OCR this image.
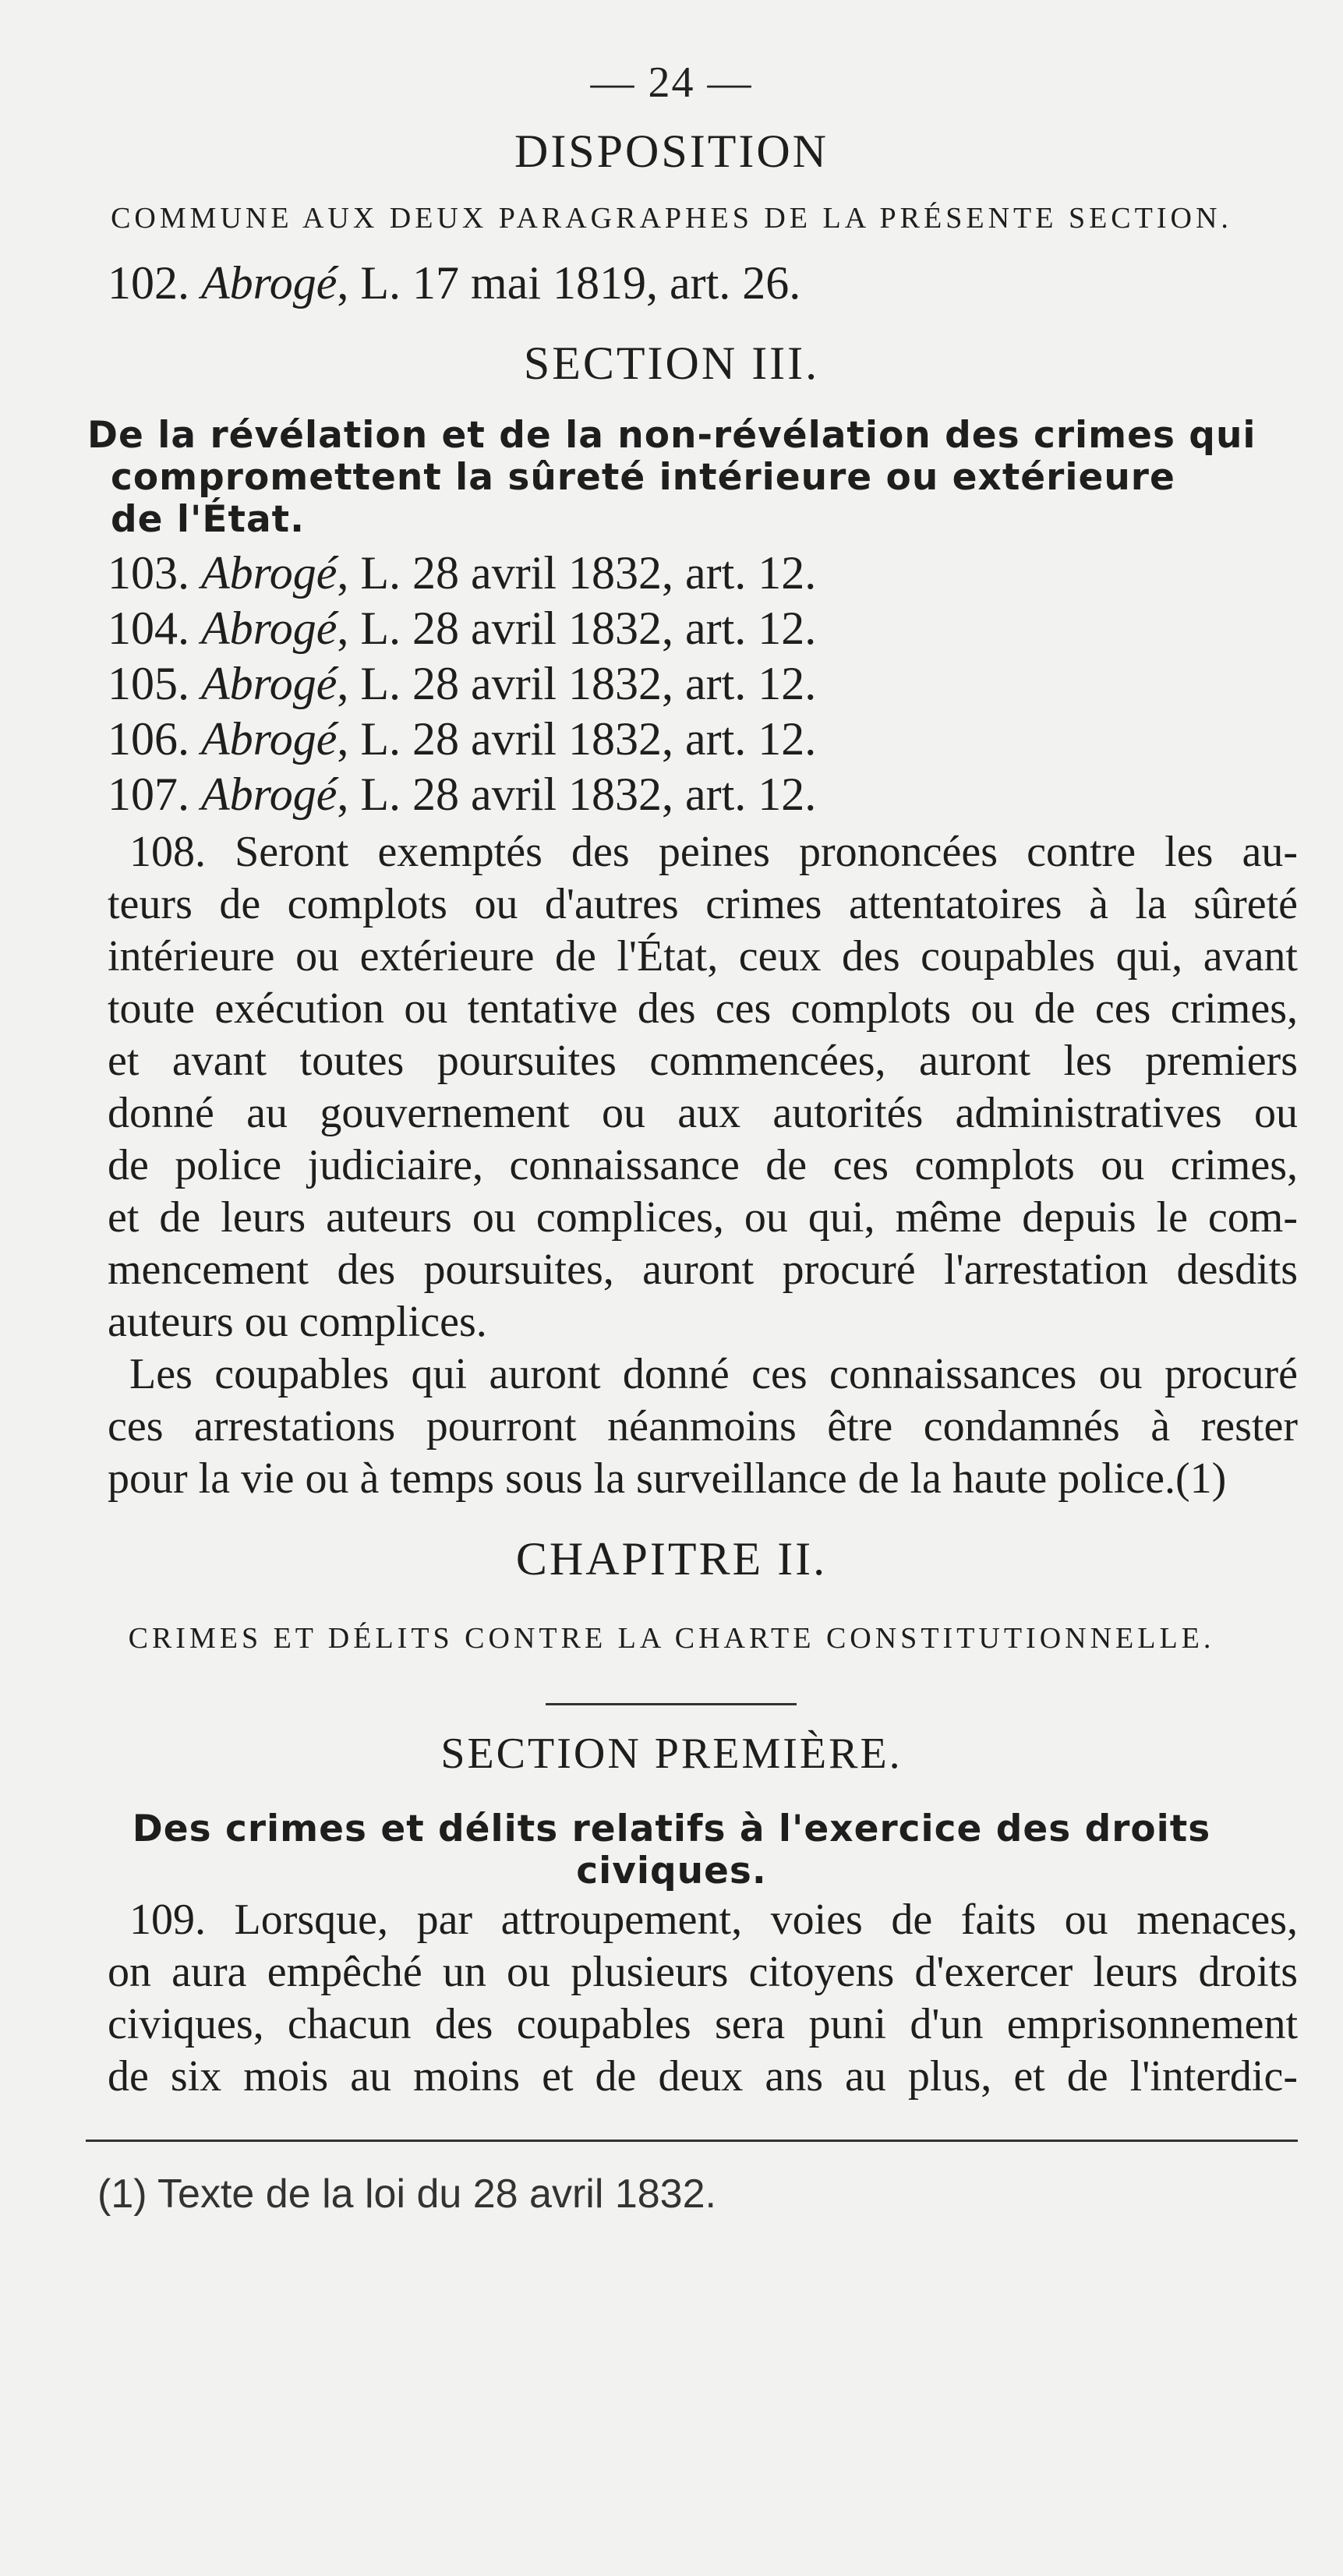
— 24 —
DISPOSITION
COMMUNE AUX DEUX PARAGRAPHES DE LA PRÉSENTE SECTION.
102. Abrogé, L. 17 mai 1819, art. 26.
SECTION III.
De la révélation et de la non-révélation des crimes qui
compromettent la sûreté intérieure ou extérieure
de l'État.
103. Abrogé, L. 28 avril 1832, art. 12.
104. Abrogé, L. 28 avril 1832, art. 12.
105. Abrogé, L. 28 avril 1832, art. 12.
106. Abrogé, L. 28 avril 1832, art. 12.
107. Abrogé, L. 28 avril 1832, art. 12.
108. Seront exemptés des peines prononcées contre les au-
teurs de complots ou d'autres crimes attentatoires à la sûreté
intérieure ou extérieure de l'État, ceux des coupables qui, avant
toute exécution ou tentative des ces complots ou de ces crimes,
et avant toutes poursuites commencées, auront les premiers
donné au gouvernement ou aux autorités administratives ou
de police judiciaire, connaissance de ces complots ou crimes,
et de leurs auteurs ou complices, ou qui, même depuis le com-
mencement des poursuites, auront procuré l'arrestation desdits
auteurs ou complices.
Les coupables qui auront donné ces connaissances ou procuré
ces arrestations pourront néanmoins être condamnés à rester
pour la vie ou à temps sous la surveillance de la haute police.(1)
CHAPITRE II.
CRIMES ET DÉLITS CONTRE LA CHARTE CONSTITUTIONNELLE.
SECTION PREMIÈRE.
Des crimes et délits relatifs à l'exercice des droits
civiques.
109. Lorsque, par attroupement, voies de faits ou menaces,
on aura empêché un ou plusieurs citoyens d'exercer leurs droits
civiques, chacun des coupables sera puni d'un emprisonnement
de six mois au moins et de deux ans au plus, et de l'interdic-
(1) Texte de la loi du 28 avril 1832.
